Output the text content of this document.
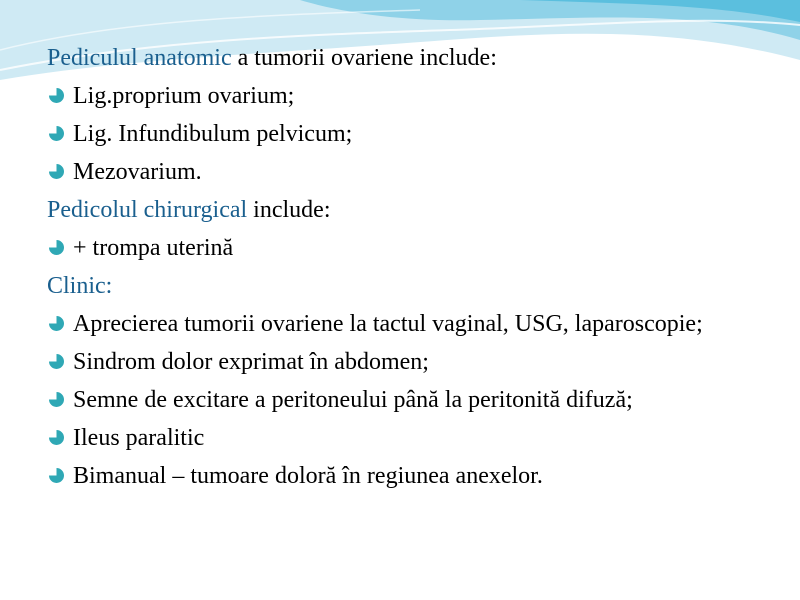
Pediculul anatomic a tumorii ovariene include:
Lig.proprium ovarium;
Lig. Infundibulum pelvicum;
Mezovarium.
Pedicolul chirurgical include:
+ trompa uterină
Clinic:
Aprecierea tumorii ovariene la tactul vaginal, USG, laparoscopie;
Sindrom dolor exprimat în abdomen;
Semne de excitare a peritoneului până la peritonită difuză;
Ileus paralitic
Bimanual – tumoare doloră în regiunea anexelor.
